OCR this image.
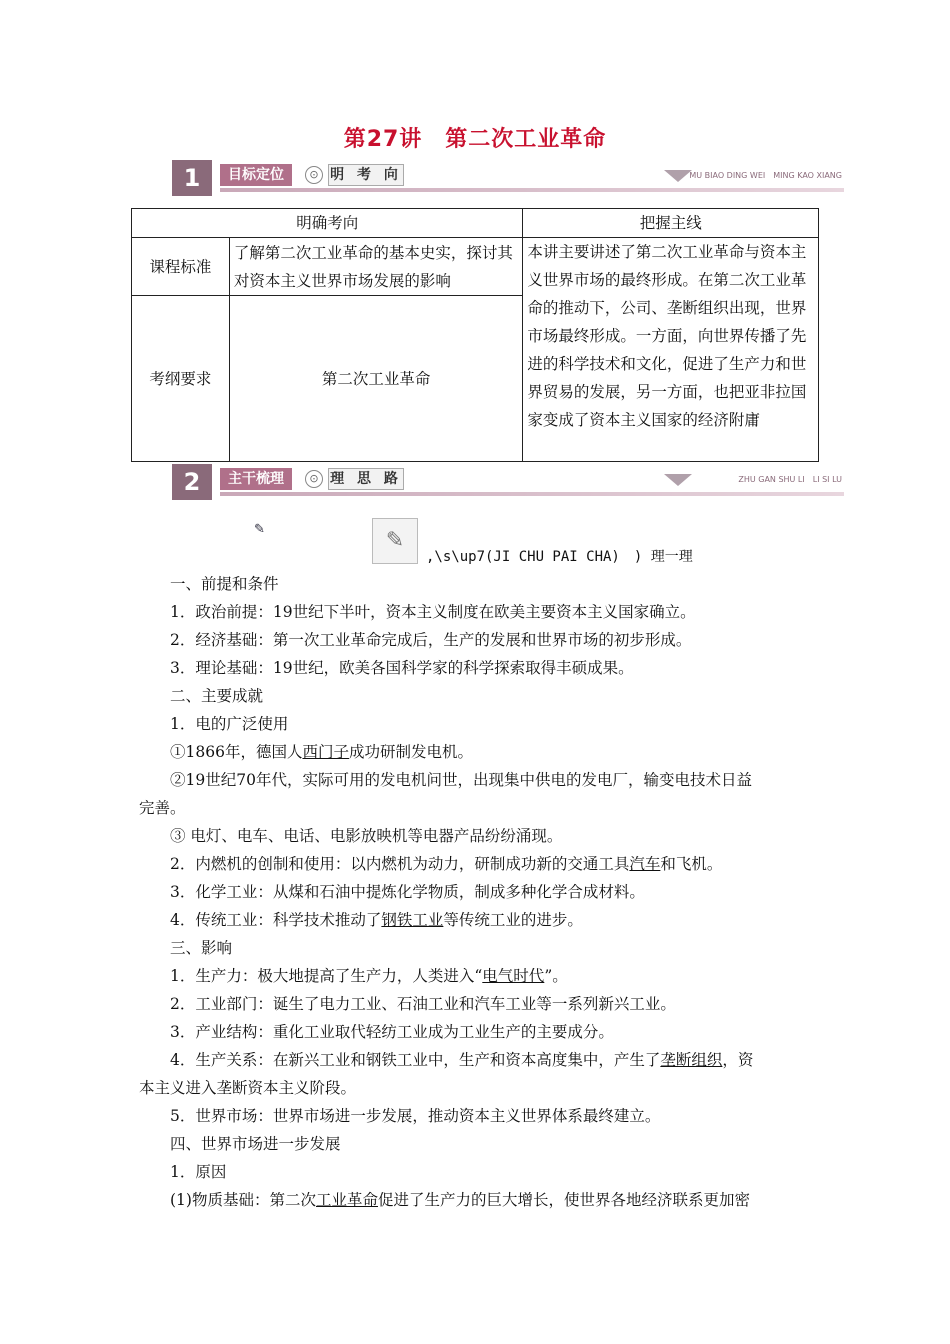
第27讲　第二次工业革命
1	目标定位	⊙ 明 考 向	MU BIAO DING WEI　MING KAO XIANG
明确考向		把握主线
课程标准	了解第二次工业革命的基本史实，探讨其对资本主义世界市场发展的影响	本讲主要讲述了第二次工业革命与资本主义世界市场的最终形成。在第二次工业革命的推动下，公司、垄断组织出现，世界市场最终形成。一方面，向世界传播了先进的科学技术和文化，促进了生产力和世界贸易的发展，另一方面，也把亚非拉国家变成了资本主义国家的经济附庸
考纲要求	第二次工业革命	
2	主干梳理	⊙ 理 思 路	ZHU GAN SHU LI　LI SI LU
✎	✎
,\s\up7(JI CHU PAI CHA)　) 理一理
一、前提和条件
1．政治前提：19世纪下半叶，资本主义制度在欧美主要资本主义国家确立。
2．经济基础：第一次工业革命完成后，生产的发展和世界市场的初步形成。
3．理论基础：19世纪，欧美各国科学家的科学探索取得丰硕成果。
二、主要成就
1．电的广泛使用
①1866年，德国人西门子成功研制发电机。
②19世纪70年代，实际可用的发电机问世，出现集中供电的发电厂，输变电技术日益
完善。
③ 电灯、电车、电话、电影放映机等电器产品纷纷涌现。
2．内燃机的创制和使用：以内燃机为动力，研制成功新的交通工具汽车和飞机。
3．化学工业：从煤和石油中提炼化学物质，制成多种化学合成材料。
4．传统工业：科学技术推动了钢铁工业等传统工业的进步。
三、影响
1．生产力：极大地提高了生产力，人类进入“电气时代”。
2．工业部门：诞生了电力工业、石油工业和汽车工业等一系列新兴工业。
3．产业结构：重化工业取代轻纺工业成为工业生产的主要成分。
4．生产关系：在新兴工业和钢铁工业中，生产和资本高度集中，产生了垄断组织，资
本主义进入垄断资本主义阶段。
5．世界市场：世界市场进一步发展，推动资本主义世界体系最终建立。
四、世界市场进一步发展
1．原因
(1)物质基础：第二次工业革命促进了生产力的巨大增长，使世界各地经济联系更加密
